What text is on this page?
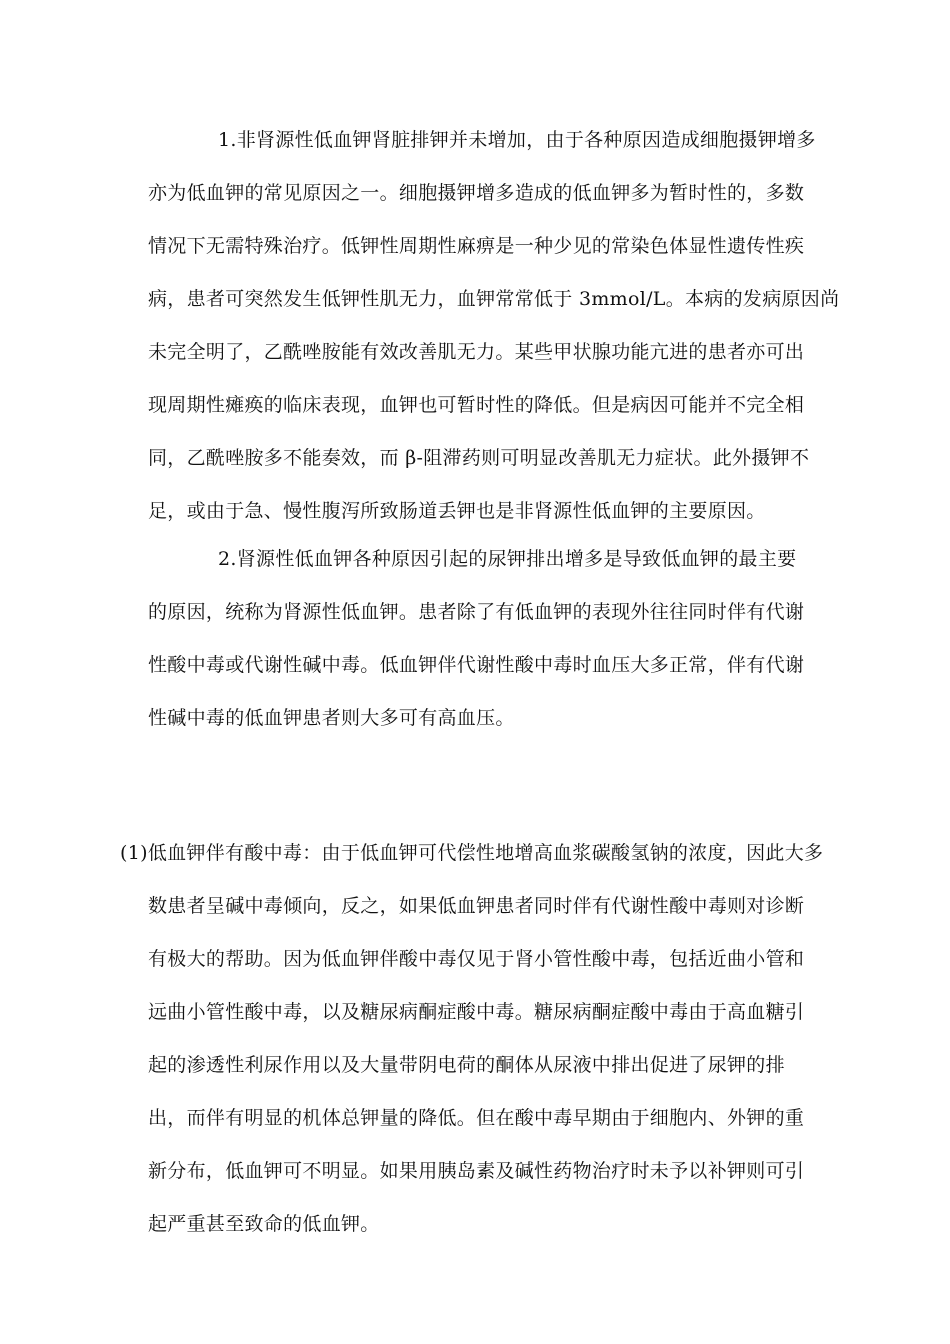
1.非肾源性低血钾肾脏排钾并未增加，由于各种原因造成细胞摄钾增多
亦为低血钾的常见原因之一。细胞摄钾增多造成的低血钾多为暂时性的，多数
情况下无需特殊治疗。低钾性周期性麻痹是一种少见的常染色体显性遗传性疾
病，患者可突然发生低钾性肌无力，血钾常常低于 3mmol/L。本病的发病原因尚
未完全明了，乙酰唑胺能有效改善肌无力。某些甲状腺功能亢进的患者亦可出
现周期性瘫痪的临床表现，血钾也可暂时性的降低。但是病因可能并不完全相
同，乙酰唑胺多不能奏效，而 β-阻滞药则可明显改善肌无力症状。此外摄钾不
足，或由于急、慢性腹泻所致肠道丢钾也是非肾源性低血钾的主要原因。
2.肾源性低血钾各种原因引起的尿钾排出增多是导致低血钾的最主要
的原因，统称为肾源性低血钾。患者除了有低血钾的表现外往往同时伴有代谢
性酸中毒或代谢性碱中毒。低血钾伴代谢性酸中毒时血压大多正常，伴有代谢
性碱中毒的低血钾患者则大多可有高血压。
(1)低血钾伴有酸中毒：由于低血钾可代偿性地增高血浆碳酸氢钠的浓度，因此大多
数患者呈碱中毒倾向，反之，如果低血钾患者同时伴有代谢性酸中毒则对诊断
有极大的帮助。因为低血钾伴酸中毒仅见于肾小管性酸中毒，包括近曲小管和
远曲小管性酸中毒，以及糖尿病酮症酸中毒。糖尿病酮症酸中毒由于高血糖引
起的渗透性利尿作用以及大量带阴电荷的酮体从尿液中排出促进了尿钾的排
出，而伴有明显的机体总钾量的降低。但在酸中毒早期由于细胞内、外钾的重
新分布，低血钾可不明显。如果用胰岛素及碱性药物治疗时未予以补钾则可引
起严重甚至致命的低血钾。
